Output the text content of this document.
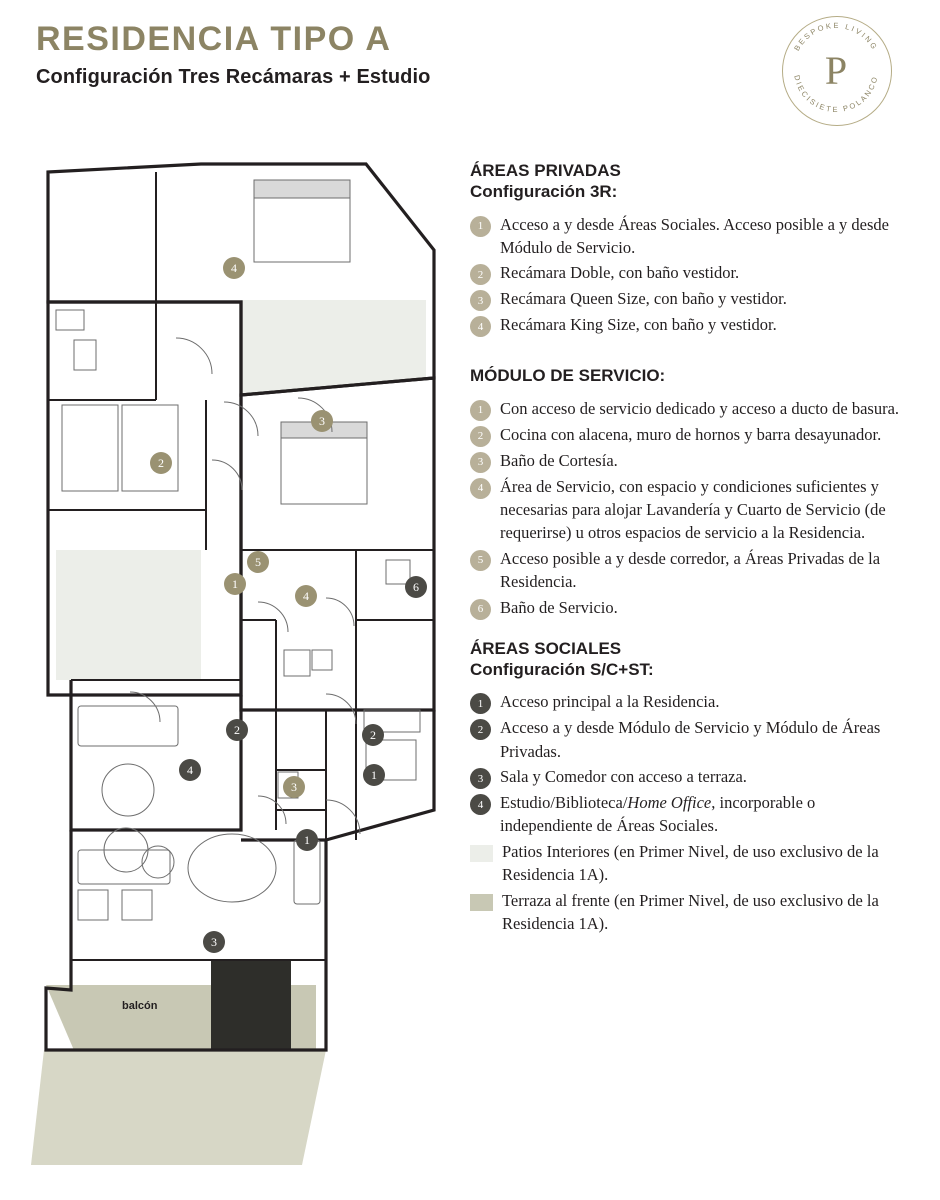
RESIDENCIA TIPO A
Configuración Tres Recámaras + Estudio
BESPOKE LIVING
DIECISIETE POLANCO
P
4
2
3
5
1
4
6
2	2
4
3
1
1
3
balcón
ÁREAS PRIVADAS
Configuración 3R:
1	Acceso a y desde Áreas Sociales. Acceso posible a y desde Módulo de Servicio.
2	Recámara Doble, con baño vestidor.
3	Recámara Queen Size, con baño y vestidor.
4	Recámara King Size, con baño y vestidor.
MÓDULO DE SERVICIO:
1	Con acceso de servicio dedicado y acceso a ducto de basura.
2	Cocina con alacena, muro de hornos y barra desayunador.
3	Baño de Cortesía.
4	Área de Servicio, con espacio y condiciones suficientes y necesarias para alojar Lavandería y Cuarto de Servicio (de requerirse) u otros espacios de servicio a la Residencia.
5	Acceso posible a y desde corredor, a Áreas Privadas de la Residencia.
6	Baño de Servicio.
ÁREAS SOCIALES
Configuración S/C+ST:
1	Acceso principal a la Residencia.
2	Acceso a y desde Módulo de Servicio y Módulo de Áreas Privadas.
3	Sala y Comedor con acceso a terraza.
4	Estudio/Biblioteca/Home Office, incorporable o independiente de Áreas Sociales.
Patios Interiores (en Primer Nivel, de uso exclusivo de la Residencia 1A).
Terraza al frente (en Primer Nivel, de uso exclusivo de la Residencia 1A).
